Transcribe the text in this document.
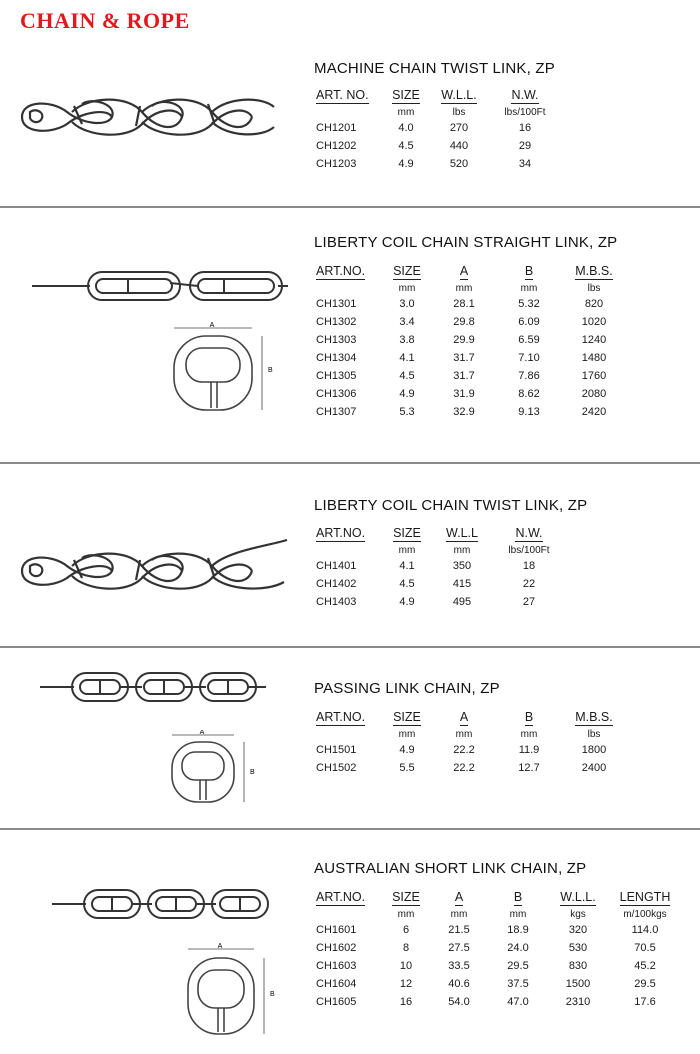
CHAIN & ROPE
MACHINE CHAIN TWIST LINK, ZP
ART. NO.	SIZE	W.L.L.	N.W.
	mm	lbs	lbs/100Ft
CH1201	4.0	270	16
CH1202	4.5	440	29
CH1203	4.9	520	34
A
B
LIBERTY COIL CHAIN STRAIGHT LINK, ZP
ART.NO.	SIZE	A	B	M.B.S.
	mm	mm	mm	lbs
CH1301	3.0	28.1	5.32	820
CH1302	3.4	29.8	6.09	1020
CH1303	3.8	29.9	6.59	1240
CH1304	4.1	31.7	7.10	1480
CH1305	4.5	31.7	7.86	1760
CH1306	4.9	31.9	8.62	2080
CH1307	5.3	32.9	9.13	2420
LIBERTY COIL CHAIN TWIST LINK, ZP
ART.NO.	SIZE	W.L.L	N.W.
	mm	mm	lbs/100Ft
CH1401	4.1	350	18
CH1402	4.5	415	22
CH1403	4.9	495	27
A
B
PASSING LINK CHAIN, ZP
ART.NO.	SIZE	A	B	M.B.S.
	mm	mm	mm	lbs
CH1501	4.9	22.2	11.9	1800
CH1502	5.5	22.2	12.7	2400
A
B
AUSTRALIAN SHORT LINK CHAIN, ZP
ART.NO.	SIZE	A	B	W.L.L.	LENGTH
	mm	mm	mm	kgs	m/100kgs
CH1601	6	21.5	18.9	320	114.0
CH1602	8	27.5	24.0	530	70.5
CH1603	10	33.5	29.5	830	45.2
CH1604	12	40.6	37.5	1500	29.5
CH1605	16	54.0	47.0	2310	17.6
